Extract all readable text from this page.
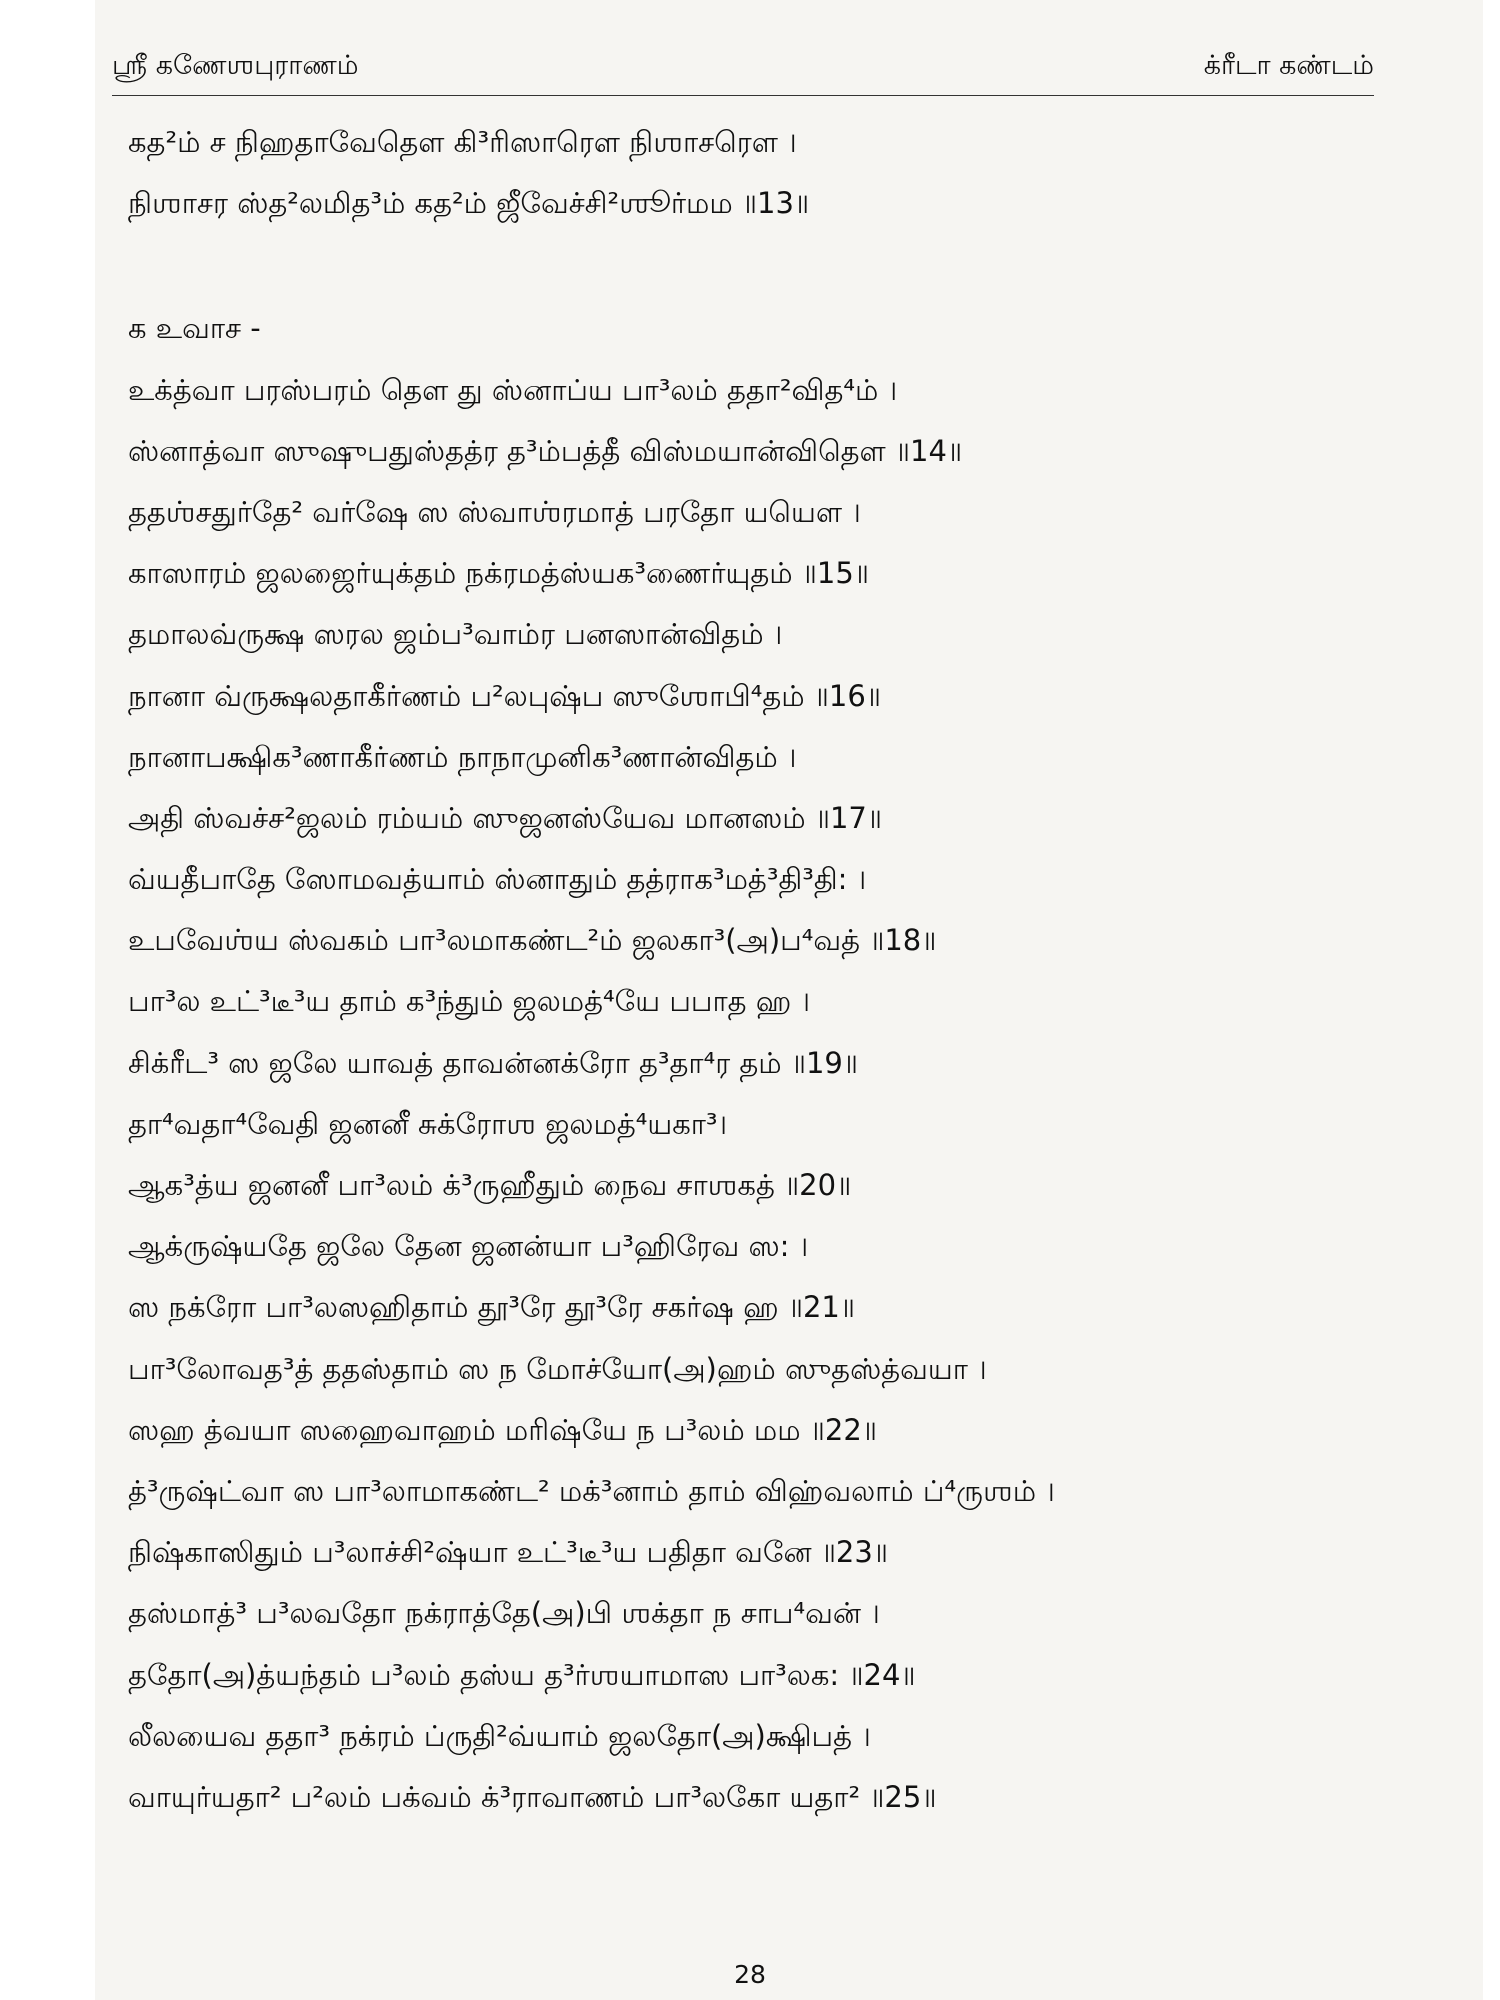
ஸ்ரீ கணேஶபுராணம்	க்ரீடா கண்டம்
கத²ம் ச நிஹதாவேதௌ கி³ரிஸாரௌ நிஶாசரௌ ।
நிஶாசர ஸ்த²லமித³ம் கத²ம் ஜீவேச்சி²ஶூர்மம ॥13॥
க உவாச -
உக்த்வா பரஸ்பரம் தௌ து ஸ்னாப்ய பா³லம் ததா²வித⁴ம் ।
ஸ்னாத்வா ஸுஷுபதுஸ்தத்ர த³ம்பத்தீ விஸ்மயான்விதௌ ॥14॥
ததஶ்சதுர்தே² வர்ஷே ஸ ஸ்வாஶ்ரமாத் பரதோ யயௌ ।
காஸாரம் ஜலஜைர்யுக்தம் நக்ரமத்ஸ்யக³ணைர்யுதம் ॥15॥
தமாலவ்ருக்ஷ ஸரல ஜம்ப³வாம்ர பனஸான்விதம் ।
நானா வ்ருக்ஷலதாகீர்ணம் ப²லபுஷ்ப ஸுஶோபி⁴தம் ॥16॥
நானாபக்ஷிக³ணாகீர்ணம் நாநாமுனிக³ணான்விதம் ।
அதி ஸ்வச்ச²ஜலம் ரம்யம் ஸுஜனஸ்யேவ மானஸம் ॥17॥
வ்யதீபாதே ஸோமவத்யாம் ஸ்னாதும் தத்ராக³மத்³தி³தி꞉ ।
உபவேஶ்ய ஸ்வகம் பா³லமாகண்ட²ம் ஜலகா³(அ)ப⁴வத் ॥18॥
பா³ல உட்³டீ³ய தாம் க³ந்தும் ஜலமத்⁴யே பபாத ஹ ।
சிக்ரீட³ ஸ ஜலே யாவத் தாவன்னக்ரோ த³தா⁴ர தம் ॥19॥
தா⁴வதா⁴வேதி ஜனனீ சுக்ரோஶ ஜலமத்⁴யகா³।
ஆக³த்ய ஜனனீ பா³லம் க்³ருஹீதும் நைவ சாஶகத் ॥20॥
ஆக்ருஷ்யதே ஜலே தேன ஜனன்யா ப³ஹிரேவ ஸ꞉ ।
ஸ நக்ரோ பா³லஸஹிதாம் தூ³ரே தூ³ரே சகர்ஷ ஹ ॥21॥
பா³லோவத³த் ததஸ்தாம் ஸ ந மோச்யோ(அ)ஹம் ஸுதஸ்த்வயா ।
ஸஹ த்வயா ஸஹைவாஹம் மரிஷ்யே ந ப³லம் மம ॥22॥
த்³ருஷ்ட்வா ஸ பா³லாமாகண்ட² மக்³னாம் தாம் விஹ்வலாம் ப்⁴ருஶம் ।
நிஷ்காஸிதும் ப³லாச்சி²ஷ்யா உட்³டீ³ய பதிதா வனே ॥23॥
தஸ்மாத்³ ப³லவதோ நக்ராத்தே(அ)பி ஶக்தா ந சாப⁴வன் ।
ததோ(அ)த்யந்தம் ப³லம் தஸ்ய த³ர்ஶயாமாஸ பா³லக꞉ ॥24॥
லீலயைவ ததா³ நக்ரம் ப்ருதி²வ்யாம் ஜலதோ(அ)க்ஷிபத் ।
வாயுர்யதா² ப²லம் பக்வம் க்³ராவாணம் பா³லகோ யதா² ॥25॥
28
